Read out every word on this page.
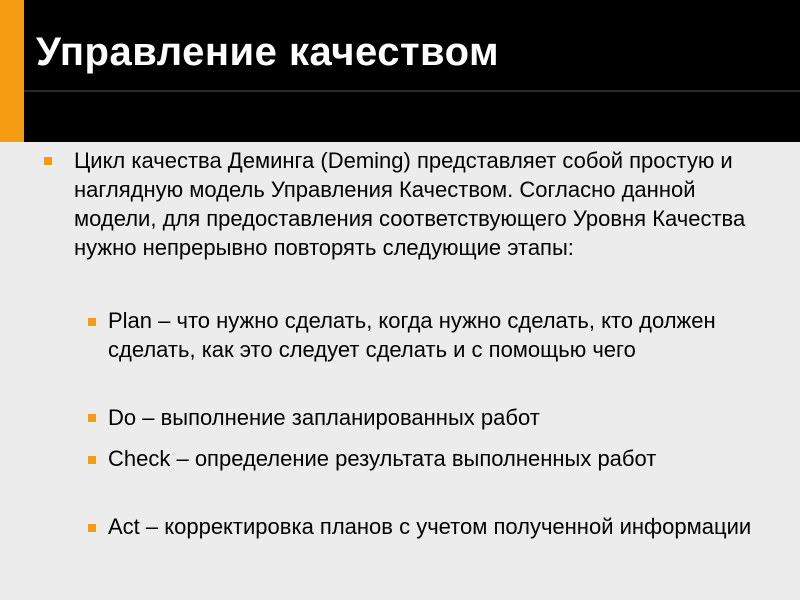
Управление качеством
Цикл качества Деминга (Deming) представляет собой простую и наглядную модель Управления Качеством. Согласно данной модели, для предоставления соответствующего Уровня Качества нужно непрерывно повторять следующие этапы:
Plan – что нужно сделать, когда нужно сделать, кто должен сделать, как это следует сделать и с помощью чего
Do – выполнение запланированных работ
Check – определение результата выполненных работ
Act – корректировка планов с учетом полученной информации
